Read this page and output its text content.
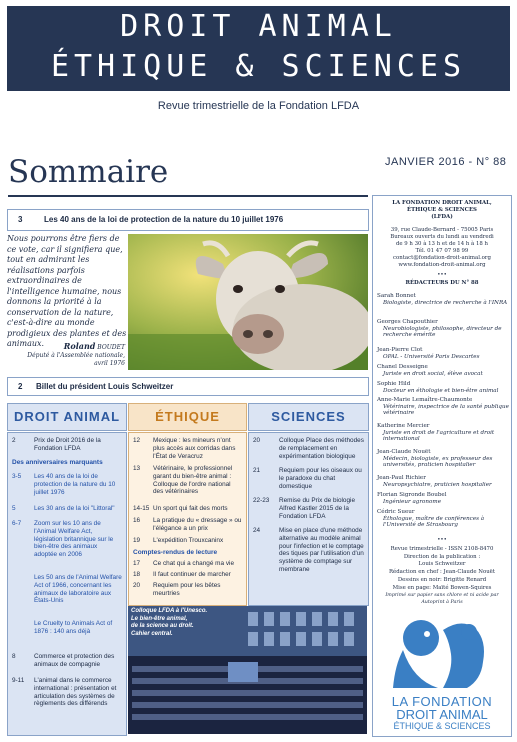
DROIT ANIMAL
ÉTHIQUE & SCIENCES
Revue trimestrielle de la Fondation LFDA
Sommaire	JANVIER 2016 - N° 88
3	Les 40 ans de la loi de protection de la nature du 10 juillet 1976
Nous pourrons être fiers de ce vote, car il signifiera que, tout en admirant les réalisations parfois extraordinaires de l'intelligence humaine, nous donnons la priorité à la conservation de la nature, c'est-à-dire au monde prodigieux des plantes et des animaux.	Roland BOUDET
Député à l'Assemblée nationale,
avril 1976
2 Billet du président Louis Schweitzer
DROIT ANIMAL	ÉTHIQUE	SCIENCES
2	Prix de Droit 2016 de la Fondation LFDA
Des anniversaires marquants
3-5 Les 40 ans de la loi de protection de la nature du 10 juillet 1976
5	Les 30 ans de la loi "Littoral"
6-7 Zoom sur les 10 ans de l'Animal Welfare Act, législation britannique sur le bien-être des animaux adoptée en 2006
Les 50 ans de l'Animal Welfare Act of 1966, concernant les animaux de laboratoire aux États-Unis
Le Cruelty to Animals Act of 1876 : 140 ans déjà
8	Commerce et protection des animaux de compagnie
9-11 L'animal dans le commerce international : présentation et articulation des systèmes de règlements des différends
12 Mexique : les mineurs n'ont plus accès aux corridas dans l'État de Veracruz
13 Vétérinaire, le professionnel garant du bien-être animal : Colloque de l'ordre national des vétérinaires
14-15 Un sport qui fait des morts
16 La pratique du « dressage » ou l'élégance a un prix
19 L'expédition Trouxcaninx
Comptes-rendus de lecture
17 Ce chat qui a changé ma vie
18 Il faut continuer de marcher
20 Requiem pour les bêtes meurtries
20	Colloque Place des méthodes de remplacement en expérimentation biologique
21	Requiem pour les oiseaux ou le paradoxe du chat domestique
22-23 Remise du Prix de biologie Alfred Kastler 2015 de la Fondation LFDA
24	Mise en place d'une méthode alternative au modèle animal pour l'infection et le comptage des tiques par l'utilisation d'un système de comptage sur membrane
Colloque LFDA à l'Unesco.
Le bien-être animal,
de la science au droit.
Cahier central.
LA FONDATION DROIT ANIMAL,
ÉTHIQUE & SCIENCES
(LFDA)
39, rue Claude-Bernard - 75005 Paris
Bureaux ouverts du lundi au vendredi
de 9 h 30 à 13 h et de 14 h à 18 h
Tél. 01 47 07 98 99
contact@fondation-droit-animal.org
www.fondation-droit-animal.org
•••
RÉDACTEURS DU N° 88
Sarah Bonnet
Biologiste, directrice de recherche à l'INRA
Georges Chapouthier
Neurobiologiste, philosophe, directeur de recherche émérite
Jean-Pierre Clot
OPAL - Université Paris Descartes
Chanel Desseigne
Juriste en droit social, élève avocat
Sophie Hild
Docteur en éthologie et bien-être animal
Anne-Marie Lemaître-Chaumonte
Vétérinaire, inspectrice de la santé publique vétérinaire
Katherine Mercier
Juriste en droit de l'agriculture et droit international
Jean-Claude Nouët
Médecin, biologiste, ex professeur des universités, praticien hospitalier
Jean-Paul Richier
Neuropsychiatre, praticien hospitalier
Florian Sigronde Boubel
Ingénieur agronome
Cédric Sueur
Éthologue, maître de conférences à l'Université de Strasbourg
•••
Revue trimestrielle - ISSN 2108-8470
Direction de la publication :
Louis Schweitzer
Rédaction en chef : Jean-Claude Nouët
Dessins en noir: Brigitte Renard
Mise en page: Maïté Bowen-Squires
Imprimé sur papier sans chlore et ni acide par Autoprint à Paris
LA FONDATION
DROIT ANIMAL
ÉTHIQUE & SCIENCES
